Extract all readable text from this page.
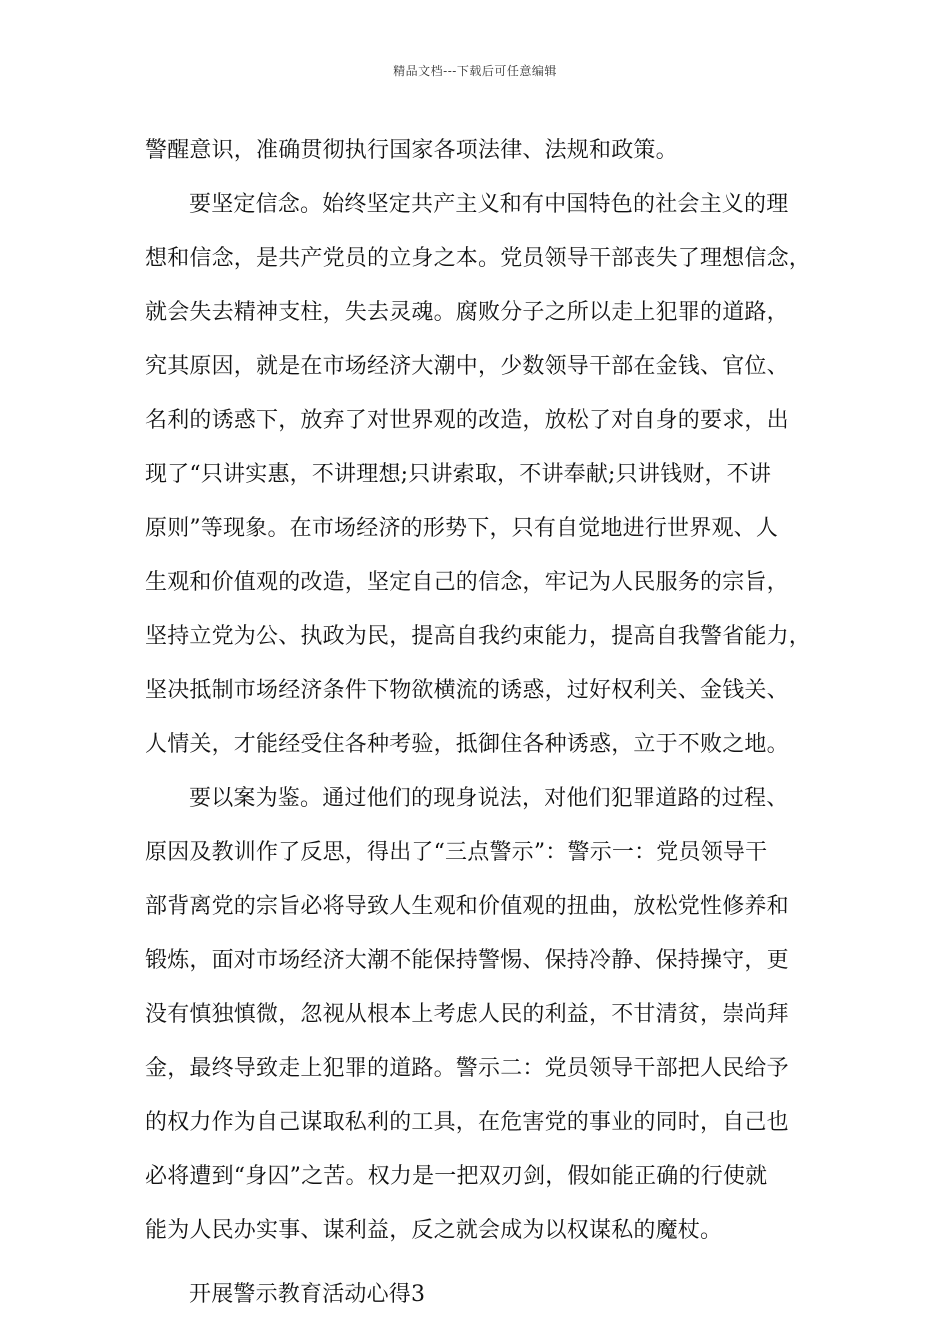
精品文档---下载后可任意编辑
警醒意识，准确贯彻执行国家各项法律、法规和政策。
要坚定信念。始终坚定共产主义和有中国特色的社会主义的理
想和信念，是共产党员的立身之本。党员领导干部丧失了理想信念，
就会失去精神支柱，失去灵魂。腐败分子之所以走上犯罪的道路，
究其原因，就是在市场经济大潮中，少数领导干部在金钱、官位、
名利的诱惑下，放弃了对世界观的改造，放松了对自身的要求，出
现了“只讲实惠，不讲理想;只讲索取，不讲奉献;只讲钱财，不讲
原则”等现象。在市场经济的形势下，只有自觉地进行世界观、人
生观和价值观的改造，坚定自己的信念，牢记为人民服务的宗旨，
坚持立党为公、执政为民，提高自我约束能力，提高自我警省能力，
坚决抵制市场经济条件下物欲横流的诱惑，过好权利关、金钱关、
人情关，才能经受住各种考验，抵御住各种诱惑，立于不败之地。
要以案为鉴。通过他们的现身说法，对他们犯罪道路的过程、
原因及教训作了反思，得出了“三点警示”：警示一：党员领导干
部背离党的宗旨必将导致人生观和价值观的扭曲，放松党性修养和
锻炼，面对市场经济大潮不能保持警惕、保持冷静、保持操守，更
没有慎独慎微，忽视从根本上考虑人民的利益，不甘清贫，崇尚拜
金，最终导致走上犯罪的道路。警示二：党员领导干部把人民给予
的权力作为自己谋取私利的工具，在危害党的事业的同时，自己也
必将遭到“身囚”之苦。权力是一把双刃剑，假如能正确的行使就
能为人民办实事、谋利益，反之就会成为以权谋私的魔杖。
开展警示教育活动心得3
